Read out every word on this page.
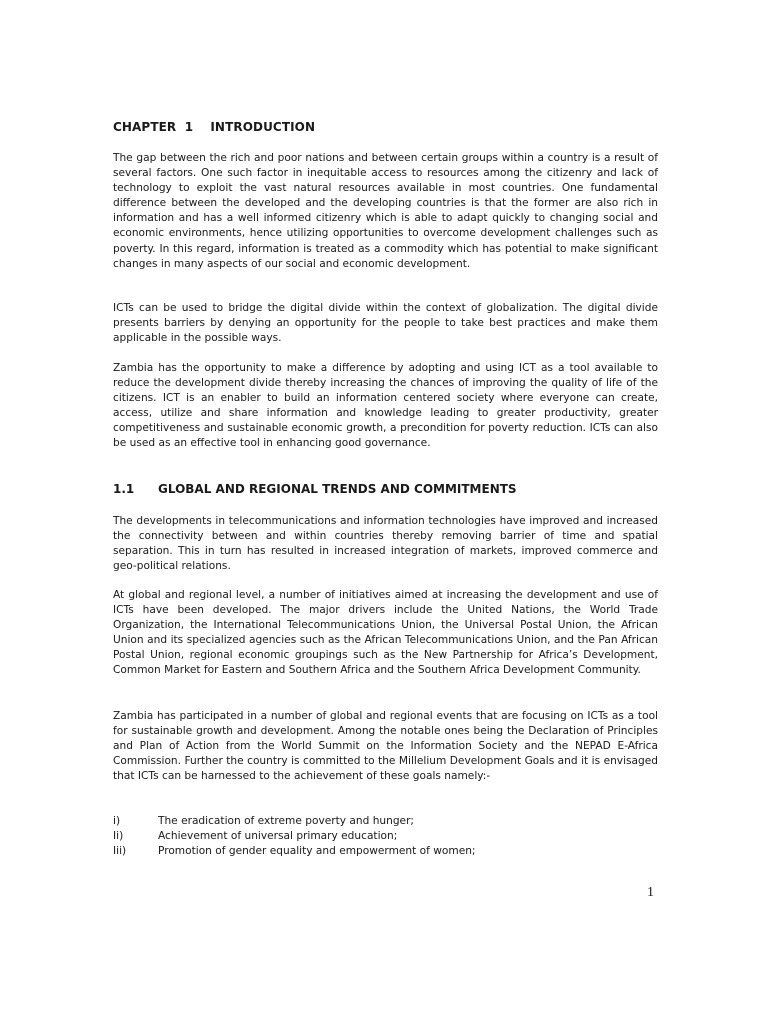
CHAPTER  1    INTRODUCTION

The gap between the rich and poor nations and between certain groups within a country is a result of several factors. One such factor in inequitable access to resources among the citizenry and lack of technology to exploit the vast natural resources available in most countries. One fundamental difference between the developed and the developing countries is that the former are also rich in information and has a well informed citizenry which is able to adapt quickly to changing social and economic environments, hence utilizing opportunities to overcome development challenges such as poverty. In this regard, information is treated as a commodity which has potential to make significant changes in many aspects of our social and economic development.

ICTs can be used to bridge the digital divide within the context of globalization. The digital divide presents barriers by denying an opportunity for the people to take best practices and make them applicable in the possible ways.

Zambia has the opportunity to make a difference by adopting and using ICT as a tool available to reduce the development divide thereby increasing the chances of improving the quality of life of the citizens. ICT is an enabler to build an information centered society where everyone can create, access, utilize and share information and knowledge leading to greater productivity, greater competitiveness and sustainable economic growth, a precondition for poverty reduction. ICTs can also be used as an effective tool in enhancing good governance.

1.1 GLOBAL AND REGIONAL TRENDS AND COMMITMENTS

The developments in telecommunications and information technologies have improved and increased the connectivity between and within countries thereby removing barrier of time and spatial separation. This in turn has resulted in increased integration of markets, improved commerce and geo-political relations.

At global and regional level, a number of initiatives aimed at increasing the development and use of ICTs have been developed. The major drivers include the United Nations, the World Trade Organization, the International Telecommunications Union, the Universal Postal Union, the African Union and its specialized agencies such as the African Telecommunications Union, and the Pan African Postal Union, regional economic groupings such as the New Partnership for Africa’s Development, Common Market for Eastern and Southern Africa and the Southern Africa Development Community.

Zambia has participated in a number of global and regional events that are focusing on ICTs as a tool for sustainable growth and development. Among the notable ones being the Declaration of Principles and Plan of Action from the World Summit on the Information Society and the NEPAD E-Africa Commission. Further the country is committed to the Millelium Development Goals and it is envisaged that ICTs can be harnessed to the achievement of these goals namely:-

i)	The eradication of extreme poverty and hunger;
Ii)	Achievement of universal primary education;
Iii)	Promotion of gender equality and empowerment of women;
1
